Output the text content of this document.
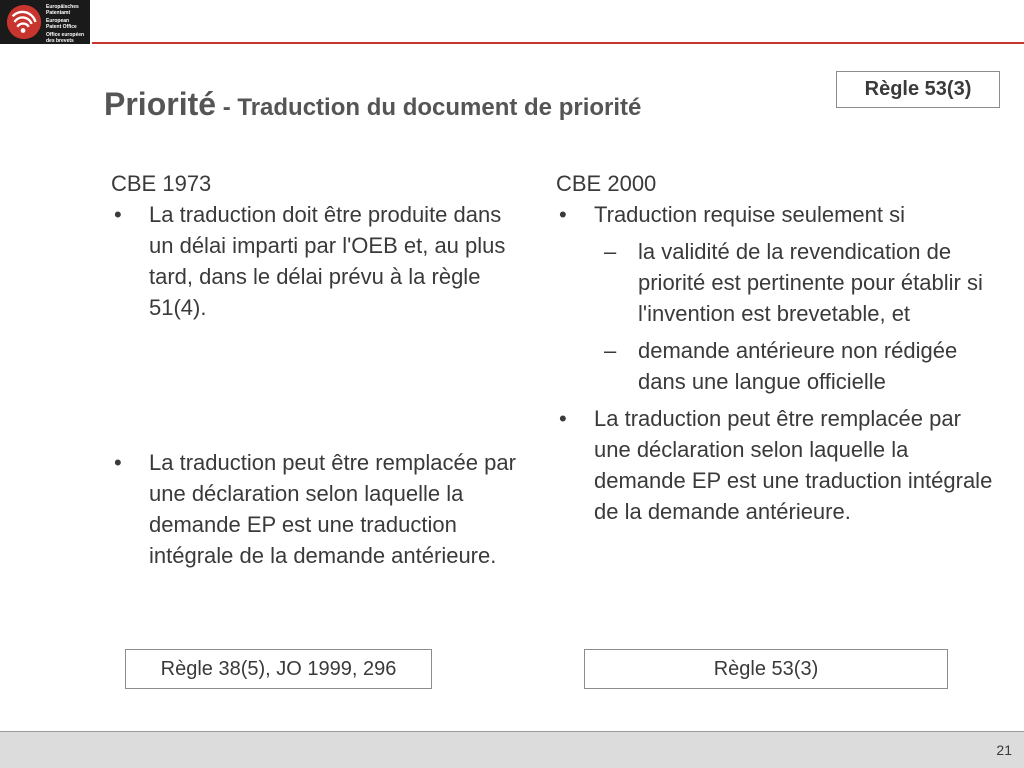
Europäisches
Patentamt
European
Patent Office
Office européen
des brevets
Règle 53(3)
Priorité - Traduction du document de priorité
CBE 1973
• La traduction doit être produite dans un délai imparti par l'OEB et, au plus tard, dans le délai prévu à la règle 51(4).
• La traduction peut être remplacée par une déclaration selon laquelle la demande EP est une traduction intégrale de la demande antérieure.
CBE 2000
• Traduction requise seulement si
– la validité de la revendication de priorité est pertinente pour établir si l'invention est brevetable, et
– demande antérieure non rédigée dans une langue officielle
• La traduction peut être remplacée par une déclaration selon laquelle la demande EP est une traduction intégrale de la demande antérieure.
Règle 38(5), JO 1999, 296	Règle 53(3)
21
